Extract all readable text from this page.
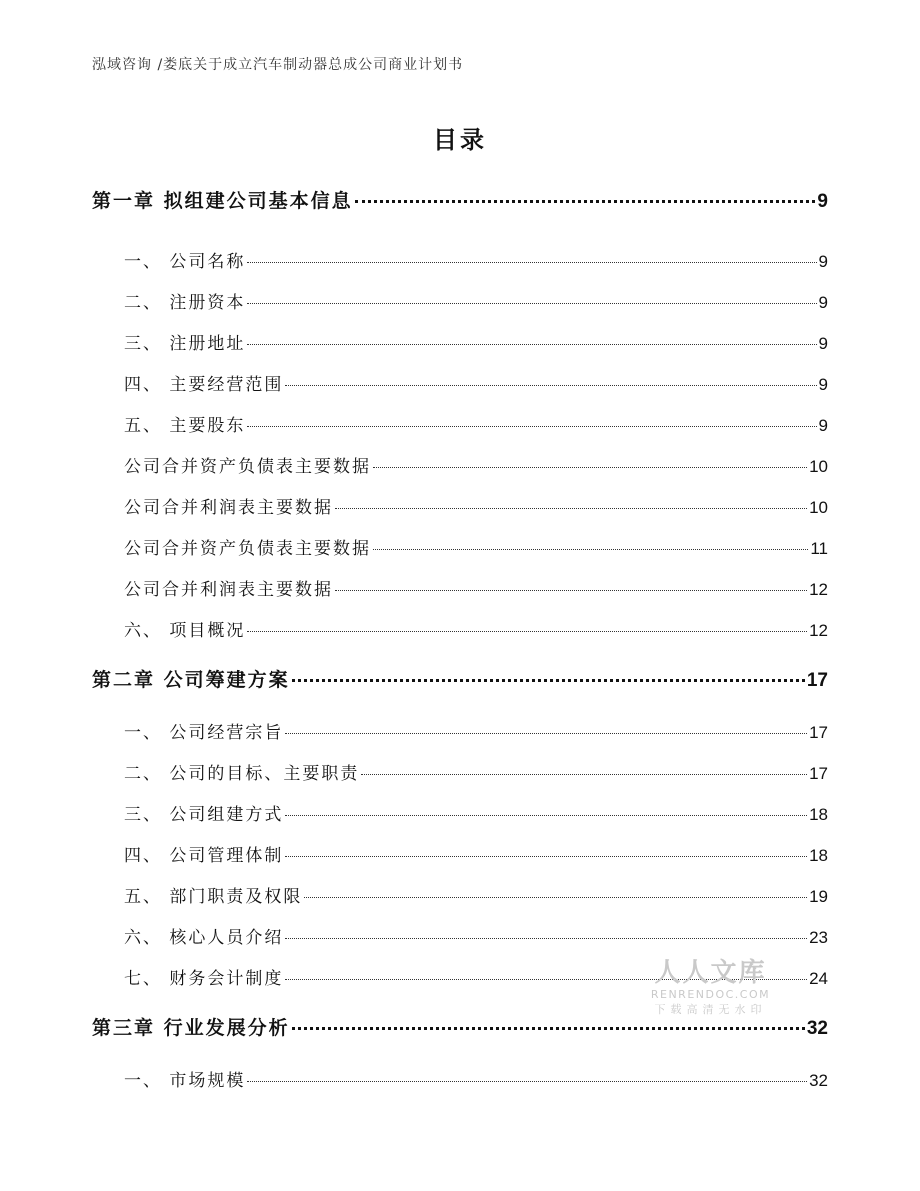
泓域咨询 /娄底关于成立汽车制动器总成公司商业计划书
目录
第一章 拟组建公司基本信息	9
一、 公司名称	9
二、 注册资本	9
三、 注册地址	9
四、 主要经营范围	9
五、 主要股东	9
公司合并资产负债表主要数据	10
公司合并利润表主要数据	10
公司合并资产负债表主要数据	11
公司合并利润表主要数据	12
六、 项目概况	12
第二章 公司筹建方案	17
一、 公司经营宗旨	17
二、 公司的目标、主要职责	17
三、 公司组建方式	18
四、 公司管理体制	18
五、 部门职责及权限	19
六、 核心人员介绍	23
七、 财务会计制度	24
第三章 行业发展分析	32
一、 市场规模	32
人人文库
RENRENDOC.COM
下载高清无水印
